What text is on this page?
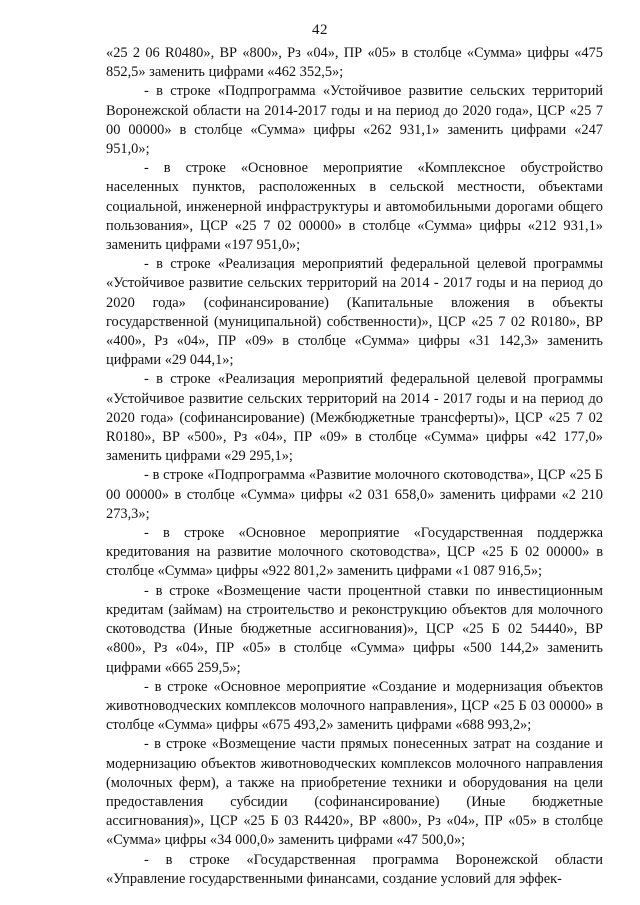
42

«25 2 06 R0480», ВР «800», Рз «04», ПР «05» в столбце «Сумма» цифры «475 852,5» заменить цифрами «462 352,5»;

- в строке «Подпрограмма «Устойчивое развитие сельских территорий Воронежской области на 2014-2017 годы и на период до 2020 года», ЦСР «25 7 00 00000» в столбце «Сумма» цифры «262 931,1» заменить цифрами «247 951,0»;

- в строке «Основное мероприятие «Комплексное обустройство населенных пунктов, расположенных в сельской местности, объектами социальной, инженерной инфраструктуры и автомобильными дорогами общего пользования», ЦСР «25 7 02 00000» в столбце «Сумма» цифры «212 931,1» заменить цифрами «197 951,0»;

- в строке «Реализация мероприятий федеральной целевой программы «Устойчивое развитие сельских территорий на 2014 - 2017 годы и на период до 2020 года» (софинансирование) (Капитальные вложения в объекты государственной (муниципальной) собственности)», ЦСР «25 7 02 R0180», ВР «400», Рз «04», ПР «09» в столбце «Сумма» цифры «31 142,3» заменить цифрами «29 044,1»;

- в строке «Реализация мероприятий федеральной целевой программы «Устойчивое развитие сельских территорий на 2014 - 2017 годы и на период до 2020 года» (софинансирование) (Межбюджетные трансферты)», ЦСР «25 7 02 R0180», ВР «500», Рз «04», ПР «09» в столбце «Сумма» цифры «42 177,0» заменить цифрами «29 295,1»;

- в строке «Подпрограмма «Развитие молочного скотоводства», ЦСР «25 Б 00 00000» в столбце «Сумма» цифры «2 031 658,0» заменить цифрами «2 210 273,3»;

- в строке «Основное мероприятие «Государственная поддержка кредитования на развитие молочного скотоводства», ЦСР «25 Б 02 00000» в столбце «Сумма» цифры «922 801,2» заменить цифрами «1 087 916,5»;

- в строке «Возмещение части процентной ставки по инвестиционным кредитам (займам) на строительство и реконструкцию объектов для молочного скотоводства (Иные бюджетные ассигнования)», ЦСР «25 Б 02 54440», ВР «800», Рз «04», ПР «05» в столбце «Сумма» цифры «500 144,2» заменить цифрами «665 259,5»;

- в строке «Основное мероприятие «Создание и модернизация объектов животноводческих комплексов молочного направления», ЦСР «25 Б 03 00000» в столбце «Сумма» цифры «675 493,2» заменить цифрами «688 993,2»;

- в строке «Возмещение части прямых понесенных затрат на создание и модернизацию объектов животноводческих комплексов молочного направления (молочных ферм), а также на приобретение техники и оборудования на цели предоставления субсидии (софинансирование) (Иные бюджетные ассигнования)», ЦСР «25 Б 03 R4420», ВР «800», Рз «04», ПР «05» в столбце «Сумма» цифры «34 000,0» заменить цифрами «47 500,0»;

- в строке «Государственная программа Воронежской области «Управление государственными финансами, создание условий для эффек-
